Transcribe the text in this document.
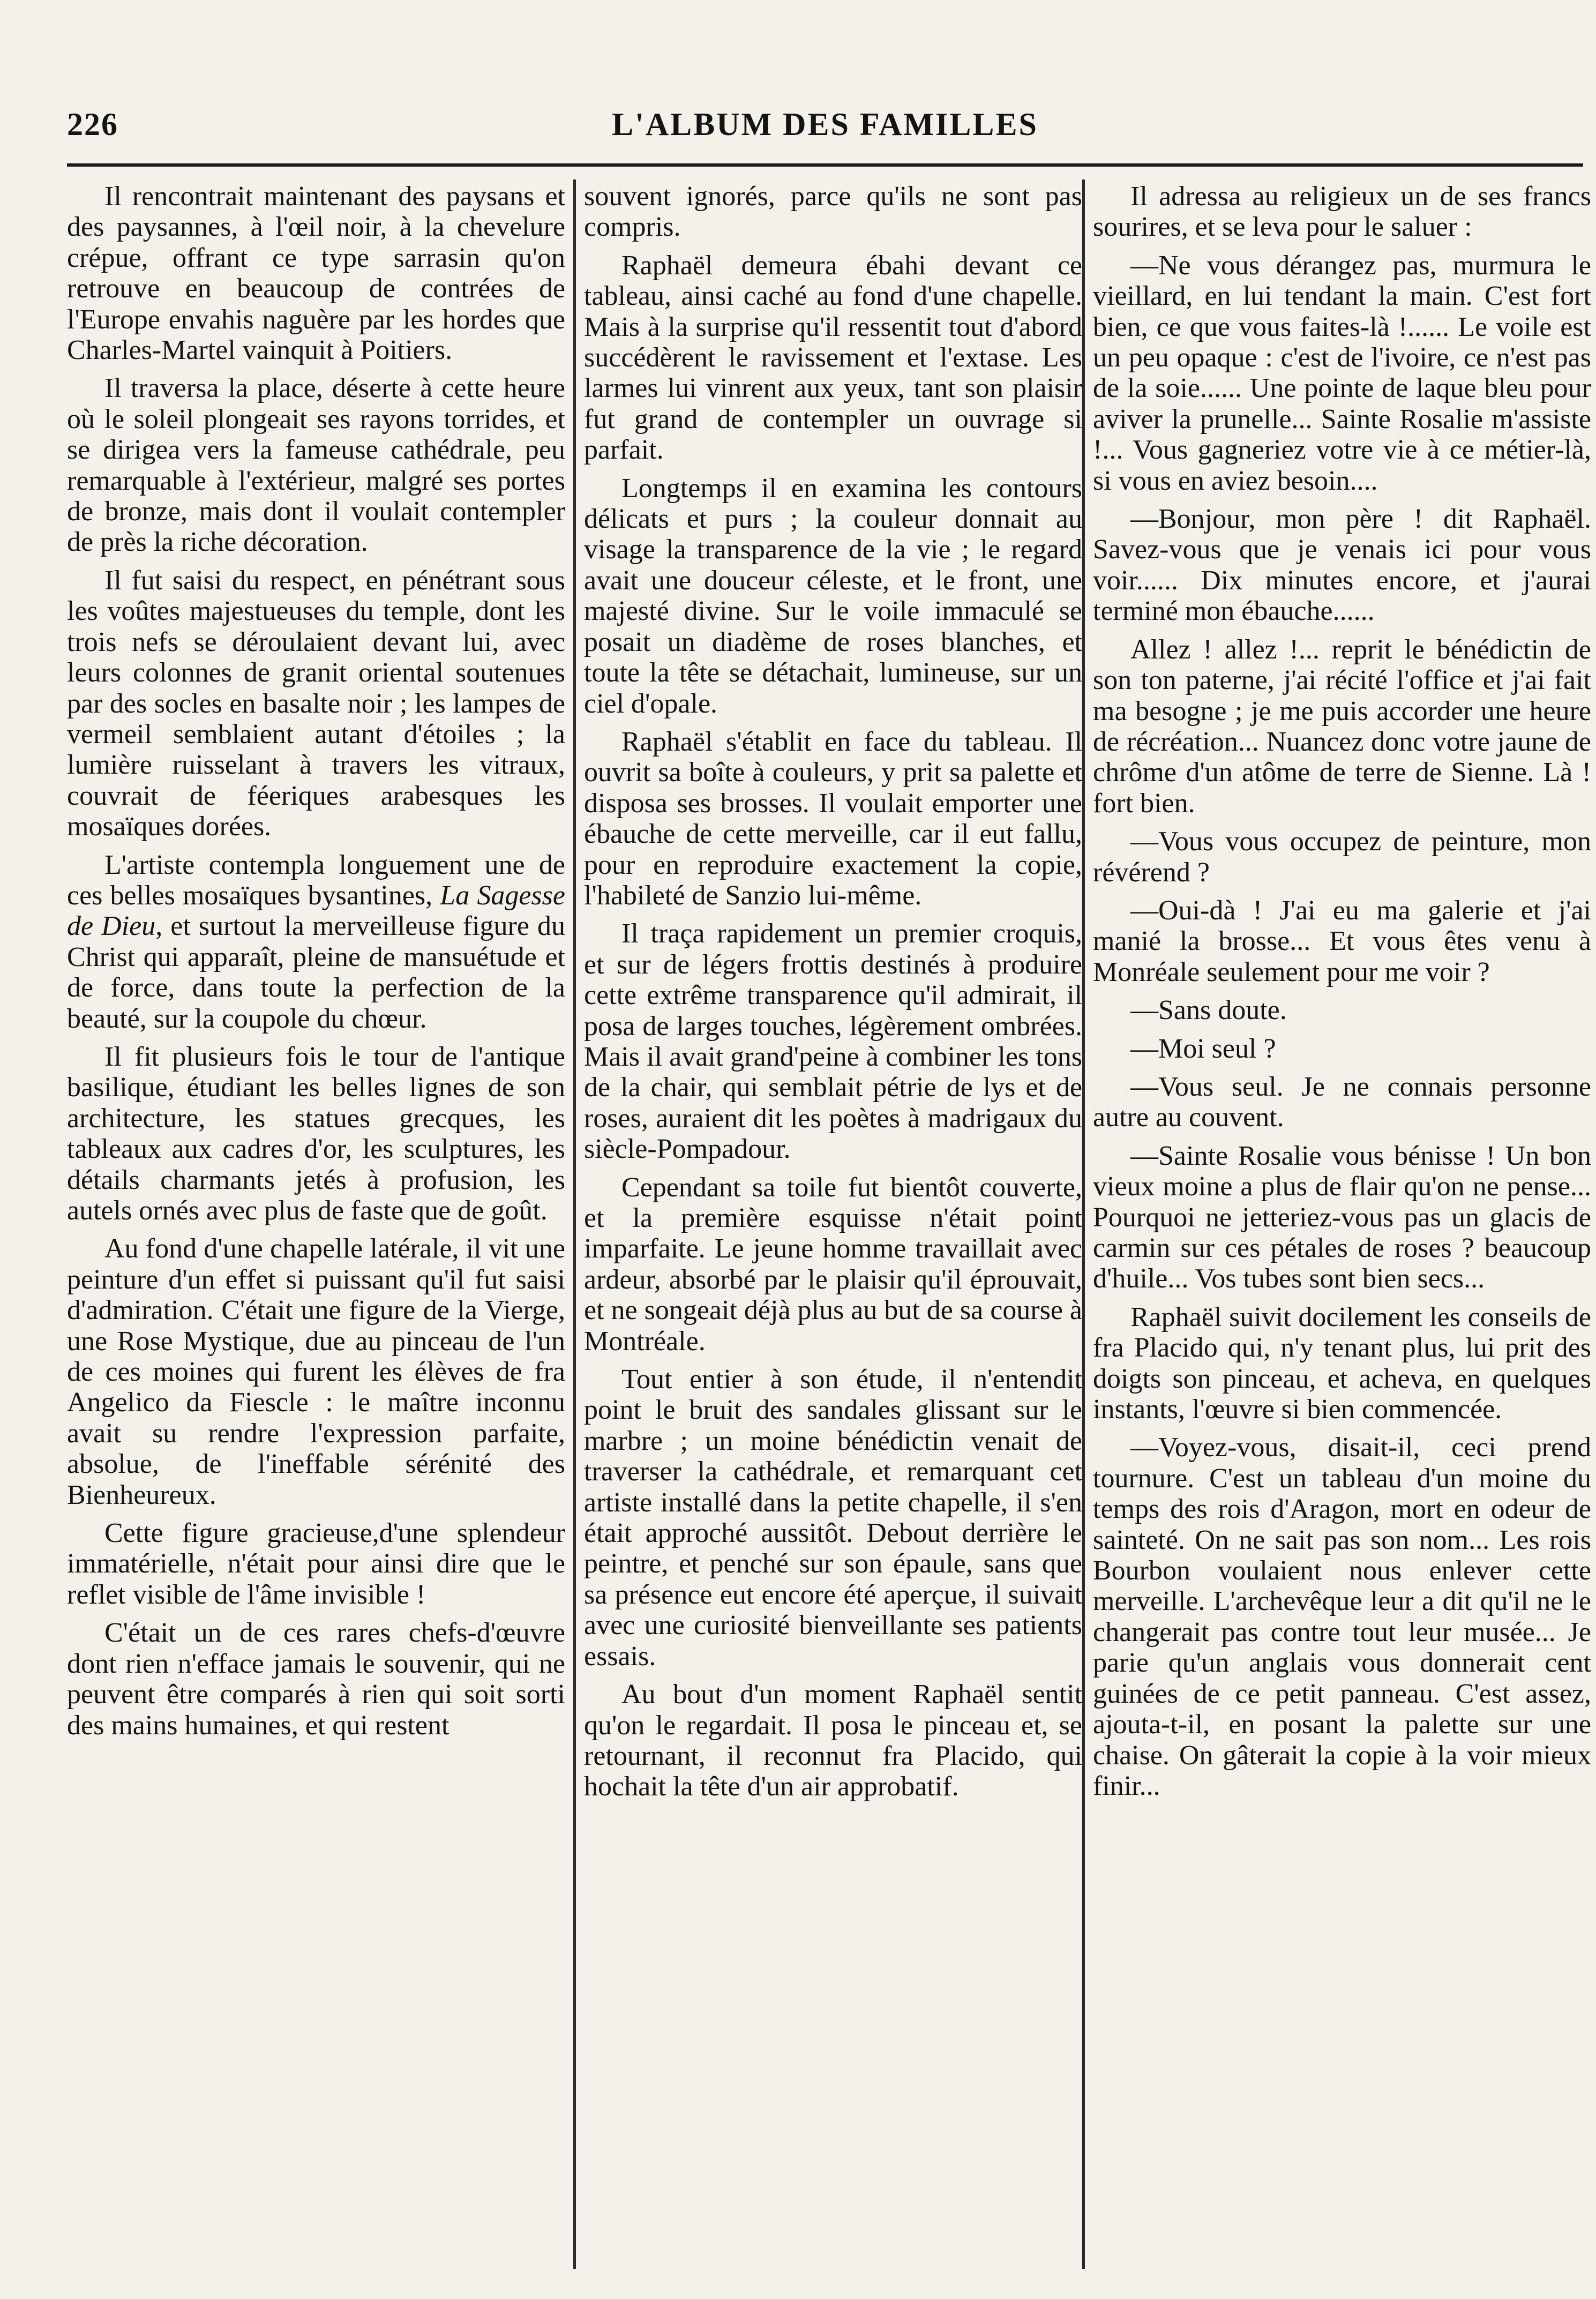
226	L'ALBUM DES FAMILLES

Il rencontrait maintenant des paysans et des paysannes, à l'œil noir, à la chevelure crépue, offrant ce type sarrasin qu'on retrouve en beaucoup de contrées de l'Europe envahis naguère par les hordes que Charles-Martel vainquit à Poitiers.

Il traversa la place, déserte à cette heure où le soleil plongeait ses rayons torrides, et se dirigea vers la fameuse cathédrale, peu remarquable à l'extérieur, malgré ses portes de bronze, mais dont il voulait contempler de près la riche décoration.

Il fut saisi du respect, en pénétrant sous les voûtes majestueuses du temple, dont les trois nefs se déroulaient devant lui, avec leurs colonnes de granit oriental soutenues par des socles en basalte noir ; les lampes de vermeil semblaient autant d'étoiles ; la lumière ruisselant à travers les vitraux, couvrait de féeriques arabesques les mosaïques dorées.

L'artiste contempla longuement une de ces belles mosaïques bysantines, La Sagesse de Dieu, et surtout la merveilleuse figure du Christ qui apparaît, pleine de mansuétude et de force, dans toute la perfection de la beauté, sur la coupole du chœur.

Il fit plusieurs fois le tour de l'antique basilique, étudiant les belles lignes de son architecture, les statues grecques, les tableaux aux cadres d'or, les sculptures, les détails charmants jetés à profusion, les autels ornés avec plus de faste que de goût.

Au fond d'une chapelle latérale, il vit une peinture d'un effet si puissant qu'il fut saisi d'admiration. C'était une figure de la Vierge, une Rose Mystique, due au pinceau de l'un de ces moines qui furent les élèves de fra Angelico da Fiescle : le maître inconnu avait su rendre l'expression parfaite, absolue, de l'ineffable sérénité des Bienheureux.

Cette figure gracieuse,d'une splendeur immatérielle, n'était pour ainsi dire que le reflet visible de l'âme invisible !

C'était un de ces rares chefs-d'œuvre dont rien n'efface jamais le souvenir, qui ne peuvent être comparés à rien qui soit sorti des mains humaines, et qui restent

souvent ignorés, parce qu'ils ne sont pas compris.

Raphaël demeura ébahi devant ce tableau, ainsi caché au fond d'une chapelle. Mais à la surprise qu'il ressentit tout d'abord succédèrent le ravissement et l'extase. Les larmes lui vinrent aux yeux, tant son plaisir fut grand de contempler un ouvrage si parfait.

Longtemps il en examina les contours délicats et purs ; la couleur donnait au visage la transparence de la vie ; le regard avait une douceur céleste, et le front, une majesté divine. Sur le voile immaculé se posait un diadème de roses blanches, et toute la tête se détachait, lumineuse, sur un ciel d'opale.

Raphaël s'établit en face du tableau. Il ouvrit sa boîte à couleurs, y prit sa palette et disposa ses brosses. Il voulait emporter une ébauche de cette merveille, car il eut fallu, pour en reproduire exactement la copie, l'habileté de Sanzio lui-même.

Il traça rapidement un premier croquis, et sur de légers frottis destinés à produire cette extrême transparence qu'il admirait, il posa de larges touches, légèrement ombrées. Mais il avait grand'peine à combiner les tons de la chair, qui semblait pétrie de lys et de roses, auraient dit les poètes à madrigaux du siècle-Pompadour.

Cependant sa toile fut bientôt couverte, et la première esquisse n'était point imparfaite. Le jeune homme travaillait avec ardeur, absorbé par le plaisir qu'il éprouvait, et ne songeait déjà plus au but de sa course à Montréale.

Tout entier à son étude, il n'entendit point le bruit des sandales glissant sur le marbre ; un moine bénédictin venait de traverser la cathédrale, et remarquant cet artiste installé dans la petite chapelle, il s'en était approché aussitôt. Debout derrière le peintre, et penché sur son épaule, sans que sa présence eut encore été aperçue, il suivait avec une curiosité bienveillante ses patients essais.

Au bout d'un moment Raphaël sentit qu'on le regardait. Il posa le pinceau et, se retournant, il reconnut fra Placido, qui hochait la tête d'un air approbatif.

Il adressa au religieux un de ses francs sourires, et se leva pour le saluer :

—Ne vous dérangez pas, murmura le vieillard, en lui tendant la main. C'est fort bien, ce que vous faites-là !...... Le voile est un peu opaque : c'est de l'ivoire, ce n'est pas de la soie...... Une pointe de laque bleu pour aviver la prunelle... Sainte Rosalie m'assiste !... Vous gagneriez votre vie à ce métier-là, si vous en aviez besoin....

—Bonjour, mon père ! dit Raphaël. Savez-vous que je venais ici pour vous voir...... Dix minutes encore, et j'aurai terminé mon ébauche......

Allez ! allez !... reprit le bénédictin de son ton paterne, j'ai récité l'office et j'ai fait ma besogne ; je me puis accorder une heure de récréation... Nuancez donc votre jaune de chrôme d'un atôme de terre de Sienne. Là ! fort bien.

—Vous vous occupez de peinture, mon révérend ?

—Oui-dà ! J'ai eu ma galerie et j'ai manié la brosse... Et vous êtes venu à Monréale seulement pour me voir ?

—Sans doute.

—Moi seul ?

—Vous seul. Je ne connais personne autre au couvent.

—Sainte Rosalie vous bénisse ! Un bon vieux moine a plus de flair qu'on ne pense... Pourquoi ne jetteriez-vous pas un glacis de carmin sur ces pétales de roses ? beaucoup d'huile... Vos tubes sont bien secs...

Raphaël suivit docilement les conseils de fra Placido qui, n'y tenant plus, lui prit des doigts son pinceau, et acheva, en quelques instants, l'œuvre si bien commencée.

—Voyez-vous, disait-il, ceci prend tournure. C'est un tableau d'un moine du temps des rois d'Aragon, mort en odeur de sainteté. On ne sait pas son nom... Les rois Bourbon voulaient nous enlever cette merveille. L'archevêque leur a dit qu'il ne le changerait pas contre tout leur musée... Je parie qu'un anglais vous donnerait cent guinées de ce petit panneau. C'est assez, ajouta-t-il, en posant la palette sur une chaise. On gâterait la copie à la voir mieux finir...
